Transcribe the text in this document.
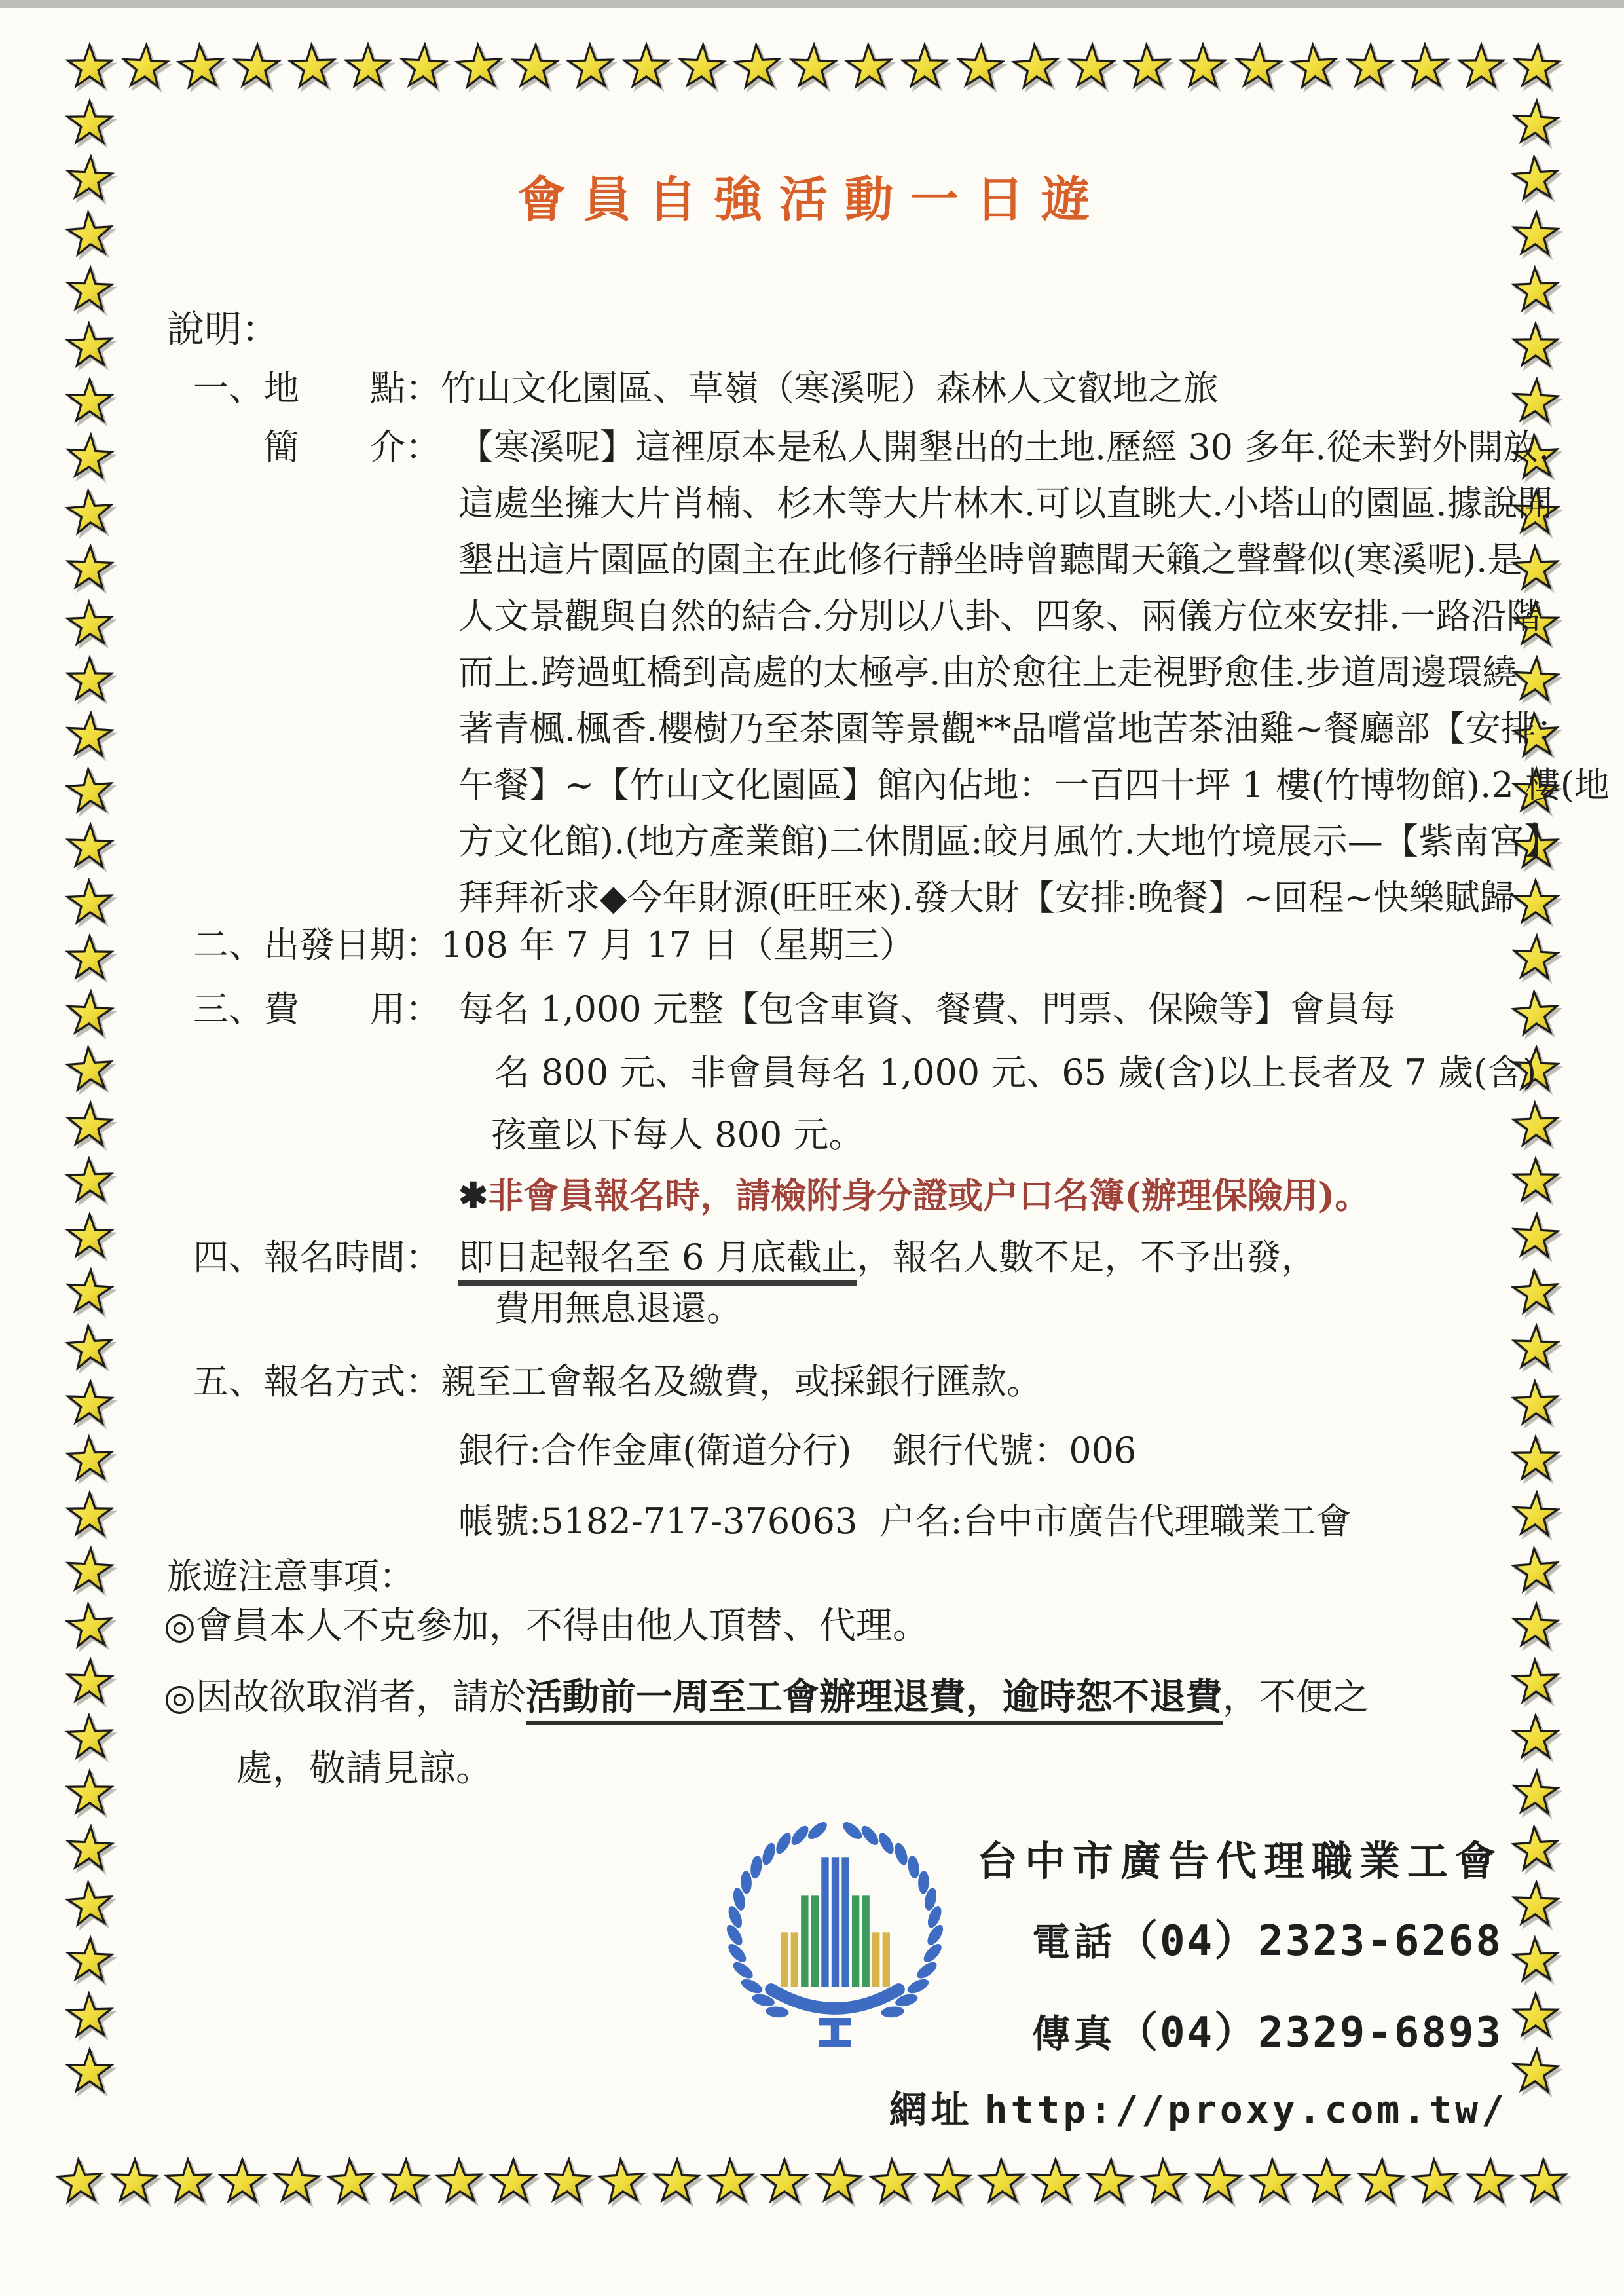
會員自強活動一日遊
說明：
一、地　　點：竹山文化園區、草嶺（寒溪呢）森林人文叡地之旅
　　簡　　介： 【寒溪呢】這裡原本是私人開墾出的土地.歷經 30 多年.從未對外開放.
這處坐擁大片肖楠、杉木等大片林木.可以直眺大.小塔山的園區.據說開
墾出這片園區的園主在此修行靜坐時曾聽聞天籟之聲聲似(寒溪呢).是
人文景觀與自然的結合.分別以八卦、四象、兩儀方位來安排.一路沿階
而上.跨過虹橋到高處的太極亭.由於愈往上走視野愈佳.步道周邊環繞
著青楓.楓香.櫻樹乃至茶園等景觀**品嚐當地苦茶油雞~餐廳部【安排：
午餐】~【竹山文化園區】館內佔地：一百四十坪 1 樓(竹博物館).2 樓(地
方文化館).(地方產業館)二休閒區:皎月風竹.大地竹境展示—【紫南宮】
拜拜祈求◆今年財源(旺旺來).發大財【安排:晚餐】~回程~快樂賦歸
二、出發日期：108 年 7 月 17 日（星期三）
三、費　　用： 每名 1,000 元整【包含車資、餐費、門票、保險等】會員每
名 800 元、非會員每名 1,000 元、65 歲(含)以上長者及 7 歲(含)
孩童以下每人 800 元。
✱非會員報名時，請檢附身分證或户口名簿(辦理保險用)。
四、報名時間： 即日起報名至 6 月底截止，報名人數不足，不予出發，
費用無息退還。
五、報名方式：親至工會報名及繳費，或採銀行匯款。
銀行:合作金庫(衛道分行) 銀行代號：006
帳號:5182-717-376063 户名:台中市廣告代理職業工會
旅遊注意事項：
◎會員本人不克參加，不得由他人頂替、代理。
◎因故欲取消者，請於活動前一周至工會辦理退費，逾時恕不退費，不便之
處，敬請見諒。
台中市廣告代理職業工會
電話（04）2323-6268
傳真（04）2329-6893
網址 http://proxy.com.tw/
